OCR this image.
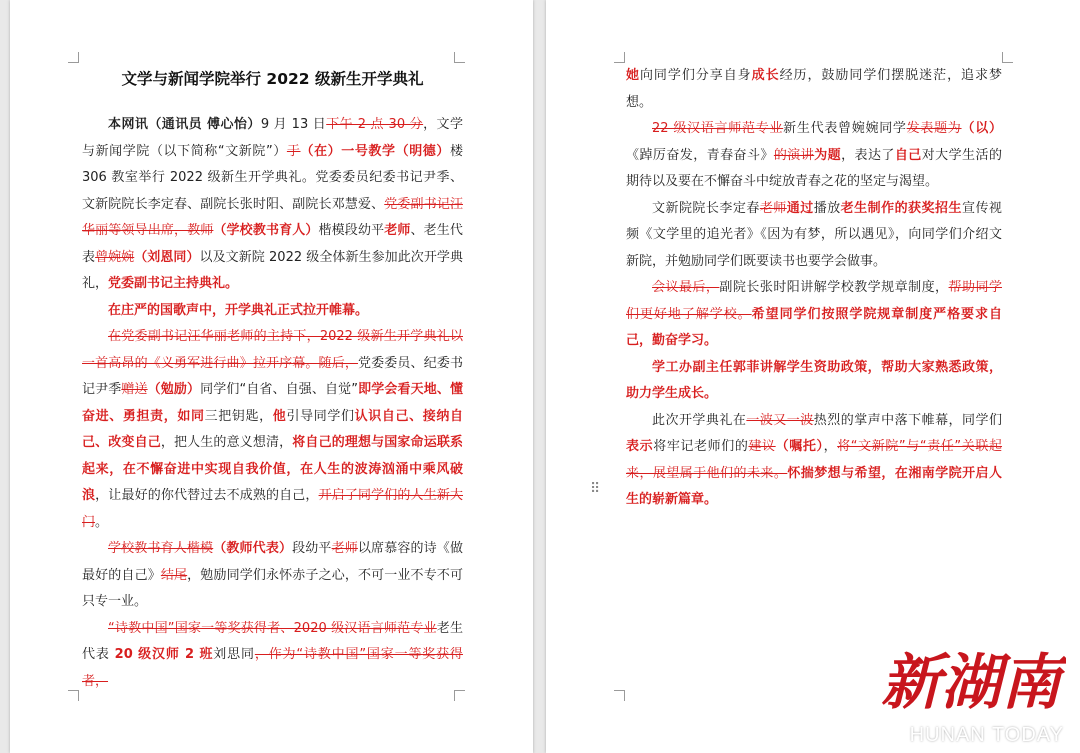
文学与新闻学院举行 2022 级新生开学典礼

本网讯（通讯员 傅心怡）9 月 13 日下午 2 点 30 分，文学与新闻学院（以下简称“文新院”）于（在）一号教学（明德）楼 306 教室举行 2022 级新生开学典礼。党委委员纪委书记尹季、文新院院长李定春、副院长张时阳、副院长邓慧爱、党委副书记汪华丽等领导出席，教师（学校教书育人）楷模段幼平老师、老生代表曾婉婉（刘恩同）以及文新院 2022 级全体新生参加此次开学典礼，党委副书记主持典礼。

在庄严的国歌声中，开学典礼正式拉开帷幕。

在党委副书记汪华丽老师的主持下，2022 级新生开学典礼以一首高昂的《义勇军进行曲》拉开序幕。随后，党委委员、纪委书记尹季赠送（勉励）同学们“自省、自强、自觉”即学会看天地、懂奋进、勇担责，如同三把钥匙，他引导同学们认识自己、接纳自己、改变自己，把人生的意义想清，将自己的理想与国家命运联系起来，在不懈奋进中实现自我价值，在人生的波涛汹涌中乘风破浪，让最好的你代替过去不成熟的自己，开启了同学们的人生新大门。

学校教书育人楷模（教师代表）段幼平老师以席慕容的诗《做最好的自己》结尾，勉励同学们永怀赤子之心，不可一业不专不可只专一业。

“诗教中国”国家一等奖获得者、2020 级汉语言师范专业老生代表 20 级汉师 2 班刘思同，作为“诗教中国”国家一等奖获得者，

她向同学们分享自身成长经历，鼓励同学们摆脱迷茫，追求梦想。

22 级汉语言师范专业新生代表曾婉婉同学发表题为（以）《踔厉奋发，青春奋斗》的演讲为题，表达了自己对大学生活的期待以及要在不懈奋斗中绽放青春之花的坚定与渴望。

文新院院长李定春老师通过播放老生制作的获奖招生宣传视频《文学里的追光者》《因为有梦，所以遇见》，向同学们介绍文新院，并勉励同学们既要读书也要学会做事。

会议最后，副院长张时阳讲解学校教学规章制度，帮助同学们更好地了解学校。希望同学们按照学院规章制度严格要求自己，勤奋学习。

学工办副主任郭菲讲解学生资助政策，帮助大家熟悉政策，助力学生成长。

此次开学典礼在一波又一波热烈的掌声中落下帷幕，同学们表示将牢记老师们的建议（嘱托），将“文新院”与“责任”关联起来，展望属于他们的未来。怀揣梦想与希望，在湘南学院开启人生的崭新篇章。

⠿
新湖南
HUNAN TODAY
